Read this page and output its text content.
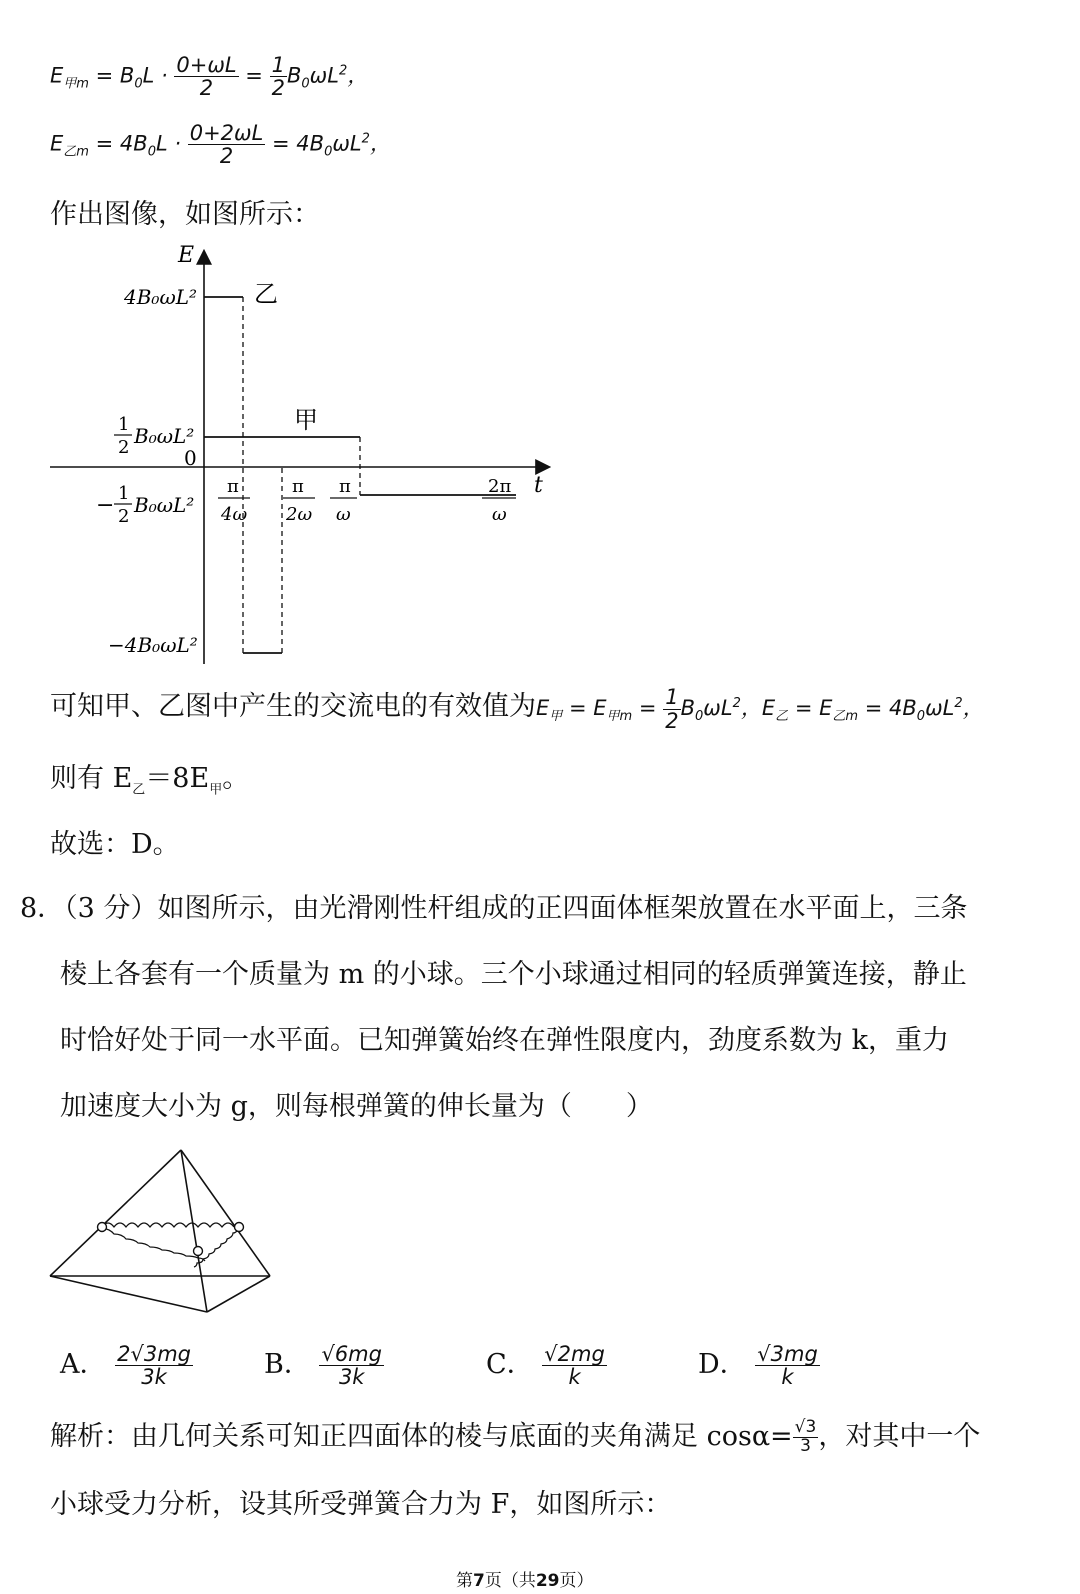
$E_{甲m} = B_0L \cdot \frac{0+\omega L}{2} = \frac{1}{2} B_0\omega L^2$，
$E_{乙m} = 4B_0L \cdot \frac{0+2\omega L}{2} = 4B_0\omega L^2$，
作出图像，如图所示：
E
t
0
乙
甲
4B₀ωL²
1
2 B₀ωL²
− 1
2 B₀ωL²
−4B₀ωL²
π
4ω
π
2ω
π
ω
2π
ω
可知甲、乙图中产生的交流电的有效值为$E_甲 = E_{甲m} = \frac{1}{2} B_0\omega L^2$，$E_乙 = E_{乙m} = 4B_0\omega L^2$，
则有 $E_乙=8E_甲$。
故选：D。
8．（3 分）如图所示，由光滑刚性杆组成的正四面体框架放置在水平面上，三条
棱上各套有一个质量为 m 的小球。三个小球通过相同的轻质弹簧连接，静止
时恰好处于同一水平面。已知弹簧始终在弹性限度内，劲度系数为 k，重力
加速度大小为 g，则每根弹簧的伸长量为（　　）
A． $\frac{2√3mg}{3k}$	B． $\frac{√6mg}{3k}$	C． $\frac{√2mg}{k}$	D． $\frac{√3mg}{k}$
解析：由几何关系可知正四面体的棱与底面的夹角满足 $\cos\alpha= \frac{√3}{3}$ ，对其中一个
小球受力分析，设其所受弹簧合力为 F，如图所示：
第7页（共29页）
